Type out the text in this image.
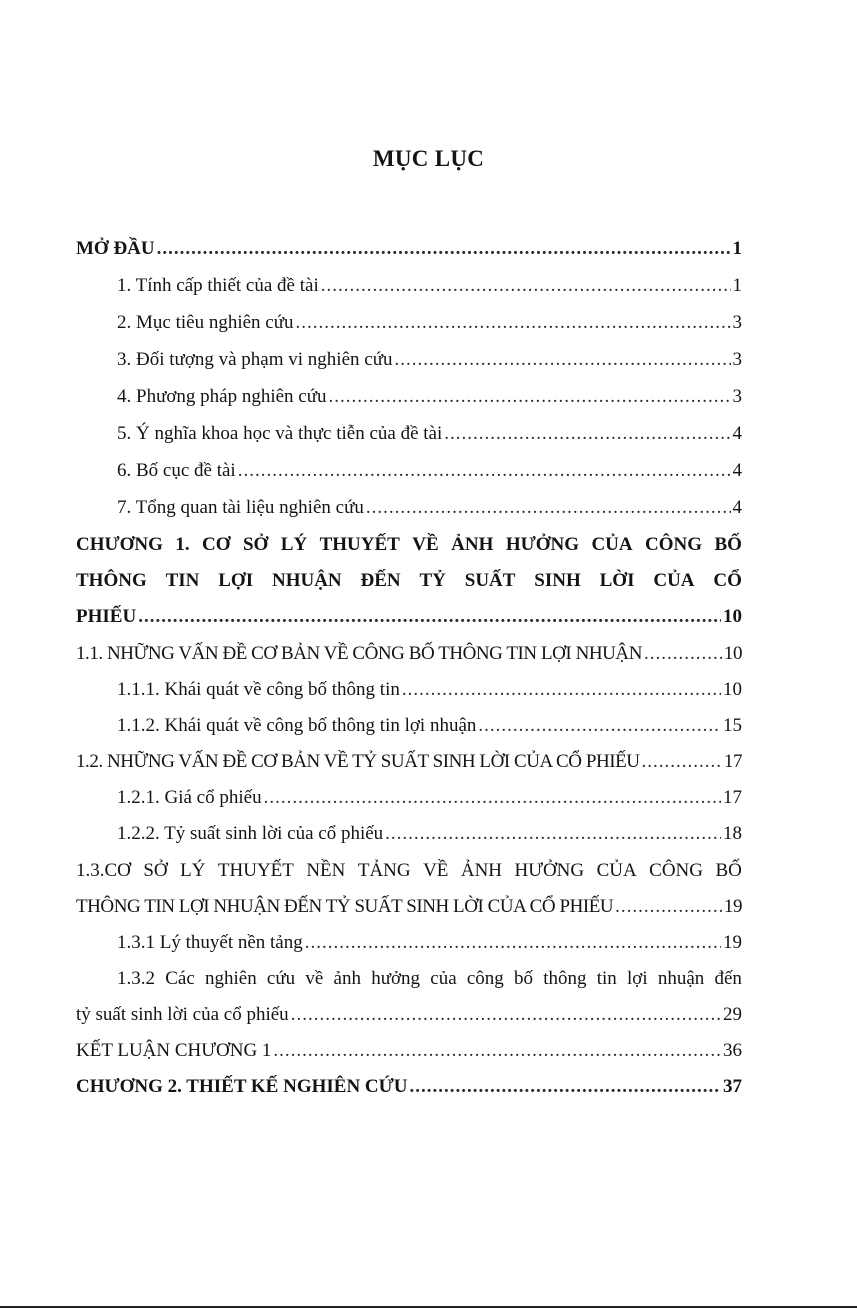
MỤC LỤC
MỞ ĐẦU .....	1
1. Tính cấp thiết của đề tài .....	1
2. Mục tiêu nghiên cứu .....	3
3. Đối tượng và phạm vi nghiên cứu .....	3
4. Phương pháp nghiên cứu .....	3
5. Ý nghĩa khoa học và thực tiễn của đề tài .....	4
6. Bố cục đề tài .....	4
7. Tổng quan tài liệu nghiên cứu .....	4
CHƯƠNG 1. CƠ SỞ LÝ THUYẾT VỀ ẢNH HƯỞNG CỦA CÔNG BỐ
THÔNG TIN LỢI NHUẬN ĐẾN TỶ SUẤT SINH LỜI CỦA CỔ
PHIẾU .....	10
1.1. NHỮNG VẤN ĐỀ CƠ BẢN VỀ CÔNG BỐ THÔNG TIN LỢI NHUẬN .....	10
1.1.1. Khái quát về công bố thông tin .....	10
1.1.2. Khái quát về công bố thông tin lợi nhuận .....	15
1.2. NHỮNG VẤN ĐỀ CƠ BẢN VỀ TỶ SUẤT SINH LỜI CỦA CỔ PHIẾU .....	17
1.2.1. Giá cổ phiếu .....	17
1.2.2. Tỷ suất sinh lời của cổ phiếu .....	18
1.3.CƠ SỞ LÝ THUYẾT NỀN TẢNG VỀ ẢNH HƯỞNG CỦA CÔNG BỐ
THÔNG TIN LỢI NHUẬN ĐẾN TỶ SUẤT SINH LỜI CỦA CỔ PHIẾU .....	19
1.3.1 Lý thuyết nền tảng .....	19
1.3.2 Các nghiên cứu về ảnh hưởng của công bố thông tin lợi nhuận đến
tỷ suất sinh lời của cổ phiếu .....	29
KẾT LUẬN CHƯƠNG 1 .....	36
CHƯƠNG 2. THIẾT KẾ NGHIÊN CỨU .....	37
